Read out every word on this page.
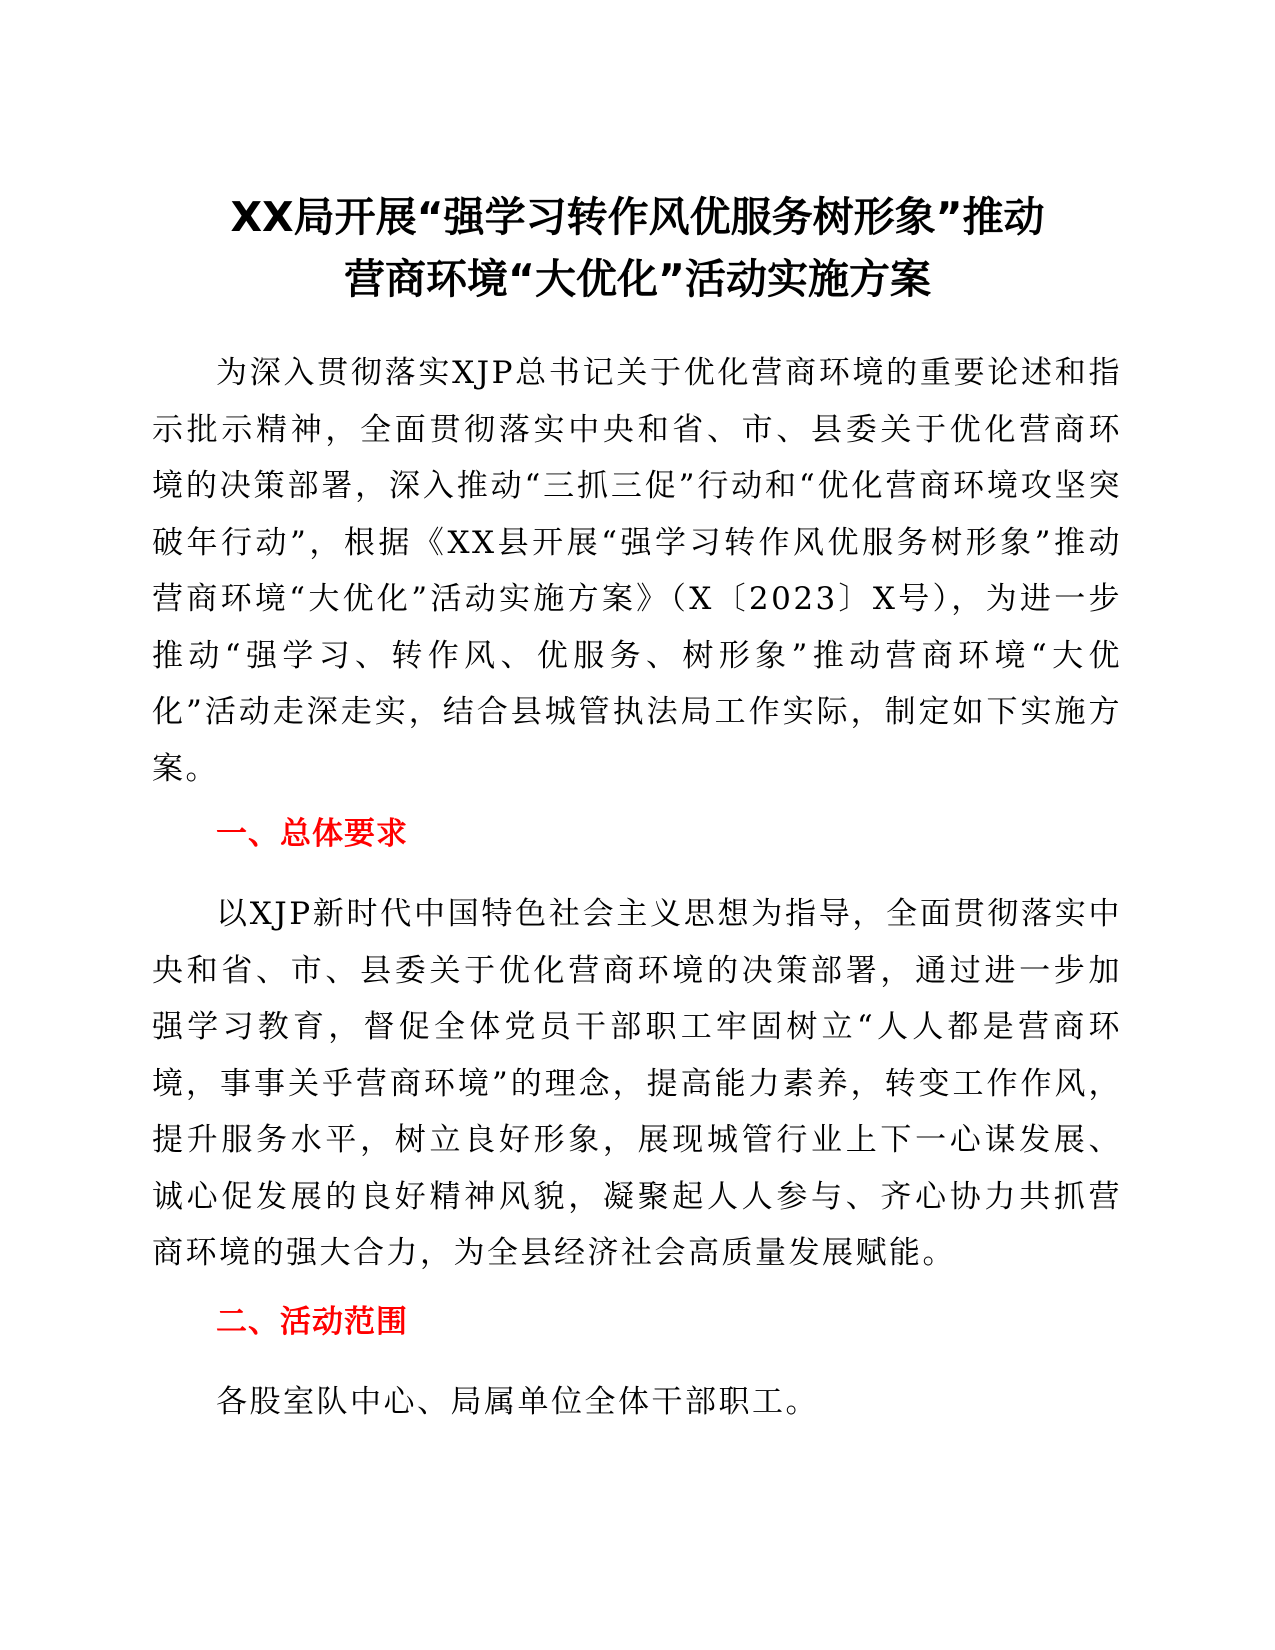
XX局开展“强学习转作风优服务树形象”推动
营商环境“大优化”活动实施方案

为深入贯彻落实XJP总书记关于优化营商环境的重要论述和指示批示精神，全面贯彻落实中央和省、市、县委关于优化营商环境的决策部署，深入推动“三抓三促”行动和“优化营商环境攻坚突破年行动”，根据《XX县开展“强学习转作风优服务树形象”推动营商环境“大优化”活动实施方案》（X〔2023〕X号），为进一步推动“强学习、转作风、优服务、树形象”推动营商环境“大优化”活动走深走实，结合县城管执法局工作实际，制定如下实施方案。

一、总体要求

以XJP新时代中国特色社会主义思想为指导，全面贯彻落实中央和省、市、县委关于优化营商环境的决策部署，通过进一步加强学习教育，督促全体党员干部职工牢固树立“人人都是营商环境，事事关乎营商环境”的理念，提高能力素养，转变工作作风，提升服务水平，树立良好形象，展现城管行业上下一心谋发展、诚心促发展的良好精神风貌，凝聚起人人参与、齐心协力共抓营商环境的强大合力，为全县经济社会高质量发展赋能。

二、活动范围

各股室队中心、局属单位全体干部职工。
